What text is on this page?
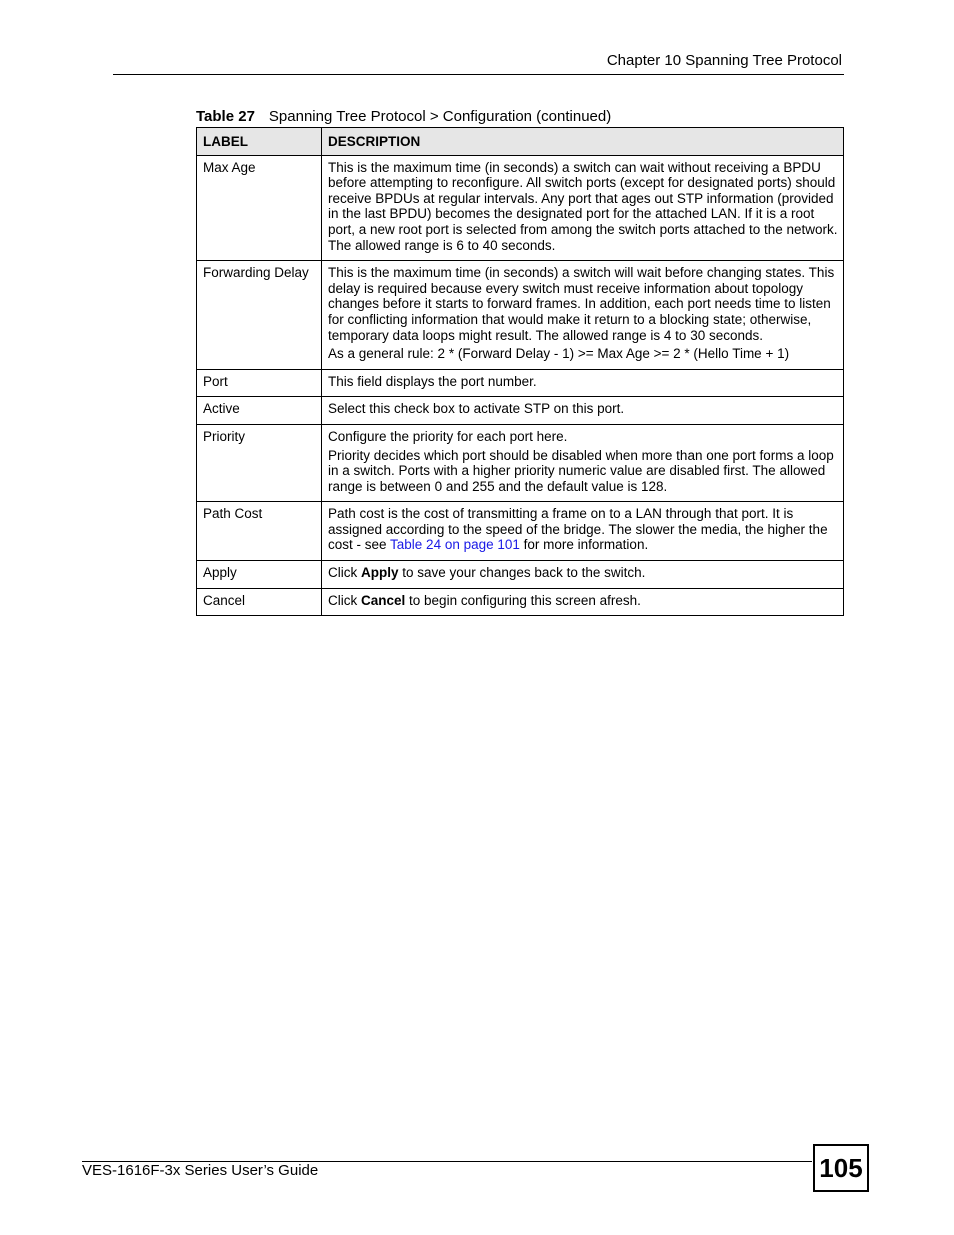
Chapter 10 Spanning Tree Protocol
Table 27 Spanning Tree Protocol > Configuration (continued)
LABEL	DESCRIPTION
Max Age	This is the maximum time (in seconds) a switch can wait without receiving a BPDU before attempting to reconfigure. All switch ports (except for designated ports) should receive BPDUs at regular intervals. Any port that ages out STP information (provided in the last BPDU) becomes the designated port for the attached LAN. If it is a root port, a new root port is selected from among the switch ports attached to the network. The allowed range is 6 to 40 seconds.

Forwarding Delay	This is the maximum time (in seconds) a switch will wait before changing states. This delay is required because every switch must receive information about topology changes before it starts to forward frames. In addition, each port needs time to listen for conflicting information that would make it return to a blocking state; otherwise, temporary data loops might result. The allowed range is 4 to 30 seconds.

As a general rule: 2 * (Forward Delay - 1) >= Max Age >= 2 * (Hello Time + 1)

Port	This field displays the port number.

Active	Select this check box to activate STP on this port.

Priority	Configure the priority for each port here.

Priority decides which port should be disabled when more than one port forms a loop in a switch. Ports with a higher priority numeric value are disabled first. The allowed range is between 0 and 255 and the default value is 128.

Path Cost	Path cost is the cost of transmitting a frame on to a LAN through that port. It is assigned according to the speed of the bridge. The slower the media, the higher the cost - see Table 24 on page 101 for more information.

Apply	Click Apply to save your changes back to the switch.

Cancel	Click Cancel to begin configuring this screen afresh.

VES-1616F-3x Series User’s Guide	105
